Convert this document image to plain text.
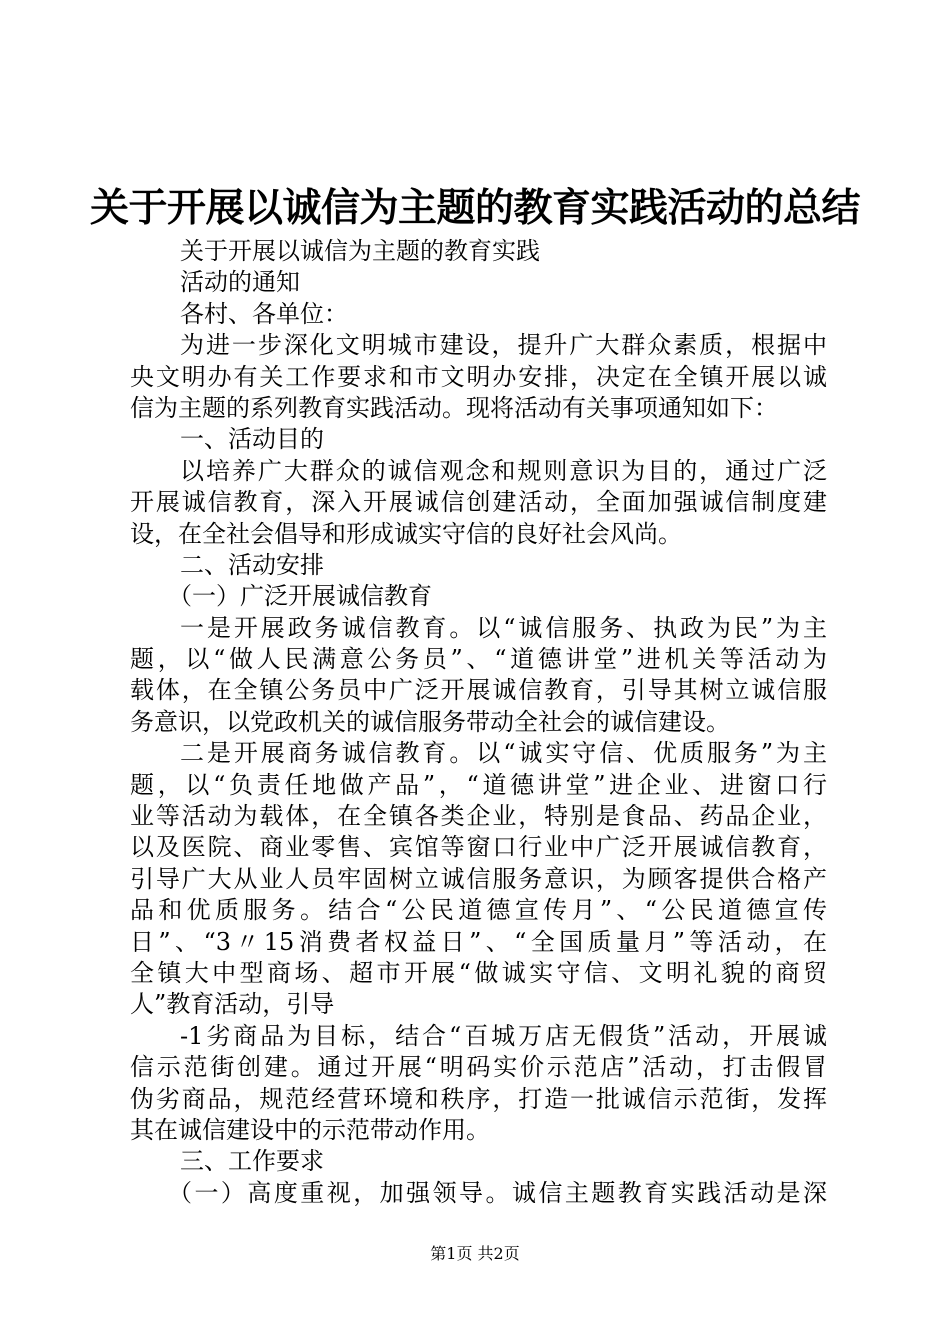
关于开展以诚信为主题的教育实践活动的总结
关于开展以诚信为主题的教育实践
活动的通知
各村、各单位：
为进一步深化文明城市建设，提升广大群众素质，根据中
央文明办有关工作要求和市文明办安排，决定在全镇开展以诚
信为主题的系列教育实践活动。现将活动有关事项通知如下：
一、活动目的
以培养广大群众的诚信观念和规则意识为目的，通过广泛
开展诚信教育，深入开展诚信创建活动，全面加强诚信制度建
设，在全社会倡导和形成诚实守信的良好社会风尚。
二、活动安排
（一）广泛开展诚信教育
一是开展政务诚信教育。以“诚信服务、执政为民”为主
题，以“做人民满意公务员”、“道德讲堂”进机关等活动为
载体，在全镇公务员中广泛开展诚信教育，引导其树立诚信服
务意识，以党政机关的诚信服务带动全社会的诚信建设。
二是开展商务诚信教育。以“诚实守信、优质服务”为主
题，以“负责任地做产品”，“道德讲堂”进企业、进窗口行
业等活动为载体，在全镇各类企业，特别是食品、药品企业，
以及医院、商业零售、宾馆等窗口行业中广泛开展诚信教育，
引导广大从业人员牢固树立诚信服务意识，为顾客提供合格产
品和优质服务。结合“公民道德宣传月”、“公民道德宣传
日”、“3〃15消费者权益日”、“全国质量月”等活动，在
全镇大中型商场、超市开展“做诚实守信、文明礼貌的商贸
人”教育活动，引导
-1劣商品为目标，结合“百城万店无假货”活动，开展诚
信示范街创建。通过开展“明码实价示范店”活动，打击假冒
伪劣商品，规范经营环境和秩序，打造一批诚信示范街，发挥
其在诚信建设中的示范带动作用。
三、工作要求
（一）高度重视，加强领导。诚信主题教育实践活动是深
第1页 共2页
